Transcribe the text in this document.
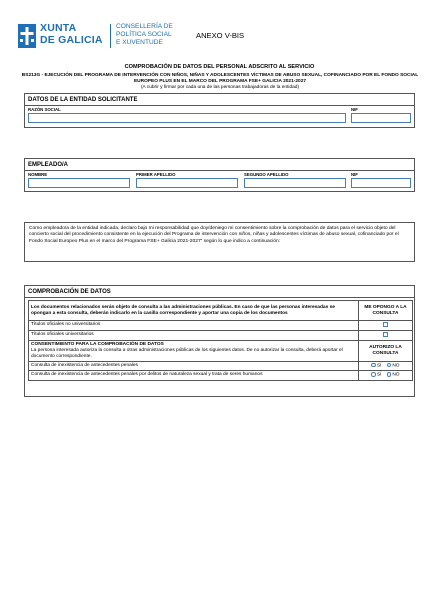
XUNTA
DE GALICIA
CONSELLERÍA DE
POLÍTICA SOCIAL
E XUVENTUDE
ANEXO V-BIS
COMPROBACIÓN DE DATOS DEL PERSONAL ADSCRITO AL SERVICIO
BS213G - EJECUCIÓN DEL PROGRAMA DE INTERVENCIÓN CON NIÑOS, NIÑAS Y ADOLESCENTES VÍCTIMAS DE ABUSO SEXUAL, COFINANCIADO POR EL FONDO SOCIAL EUROPEO PLUS EN EL MARCO DEL PROGRAMA FSE+ GALICIA 2021-2027
(A cubrir y firmar por cada una de las personas trabajadoras de la entidad)
DATOS DE LA ENTIDAD SOLICITANTE
RAZÓN SOCIAL	NIF
EMPLEADO/A
NOMBRE	PRIMER APELLIDO	SEGUNDO APELLIDO	NIF
Como empleado/a de la entidad indicada, declaro bajo mi responsabilidad que doy/deniego mi consentimiento sobre la comprobación de datos para el servicio objeto del concierto social del procedimiento consistente en la ejecución del Programa de intervención con niños, niñas y adolescentes víctimas de abuso sexual, cofinanciado por el Fondo Social Europeo Plus en el marco del Programa FSE+ Galicia 2021-2027” según lo que indico a continuación:
COMPROBACIÓN DE DATOS
Los documentos relacionados serán objeto de consulta a las administraciones públicas. En caso de que las personas interesadas se opongan a esta consulta, deberán indicarlo en la casilla correspondiente y aportar una copia de los documentos	ME OPONGO A LA CONSULTA
Títulos oficiales no universitarios	
Títulos oficiales universitarios	

CONSENTIMIENTO PARA LA COMPROBACIÓN DE DATOS
La persona interesada autoriza la consulta a otras administraciones públicas de los siguientes datos. De no autorizar la consulta, deberá aportar el documento correspondiente.	AUTORIZO LA CONSULTA
Consulta de inexistencia de antecedentes penales	SÍ NO
Consulta de inexistencia de antecedentes penales por delitos de naturaleza sexual y trata de seres humanos	SÍ NO
